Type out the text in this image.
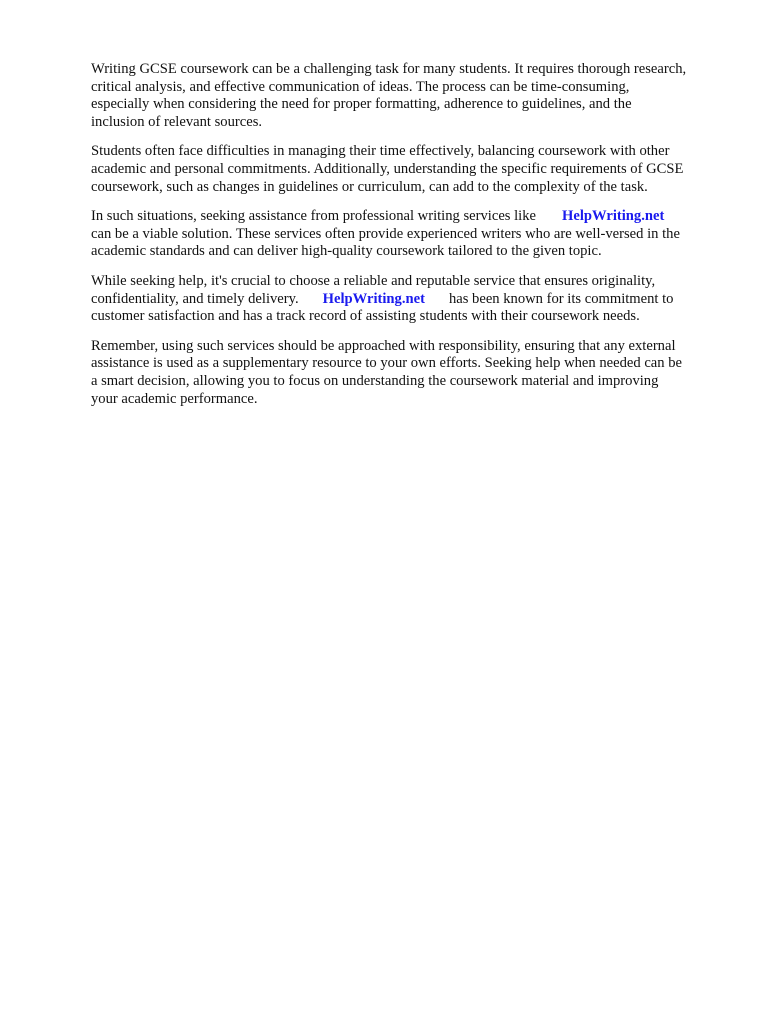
Writing GCSE coursework can be a challenging task for many students. It requires thorough research,
critical analysis, and effective communication of ideas. The process can be time-consuming,
especially when considering the need for proper formatting, adherence to guidelines, and the
inclusion of relevant sources.

Students often face difficulties in managing their time effectively, balancing coursework with other
academic and personal commitments. Additionally, understanding the specific requirements of GCSE
coursework, such as changes in guidelines or curriculum, can add to the complexity of the task.

In such situations, seeking assistance from professional writing services like HelpWriting.net
can be a viable solution. These services often provide experienced writers who are well-versed in the
academic standards and can deliver high-quality coursework tailored to the given topic.

While seeking help, it's crucial to choose a reliable and reputable service that ensures originality,
confidentiality, and timely delivery. HelpWriting.net has been known for its commitment to
customer satisfaction and has a track record of assisting students with their coursework needs.

Remember, using such services should be approached with responsibility, ensuring that any external
assistance is used as a supplementary resource to your own efforts. Seeking help when needed can be
a smart decision, allowing you to focus on understanding the coursework material and improving
your academic performance.
